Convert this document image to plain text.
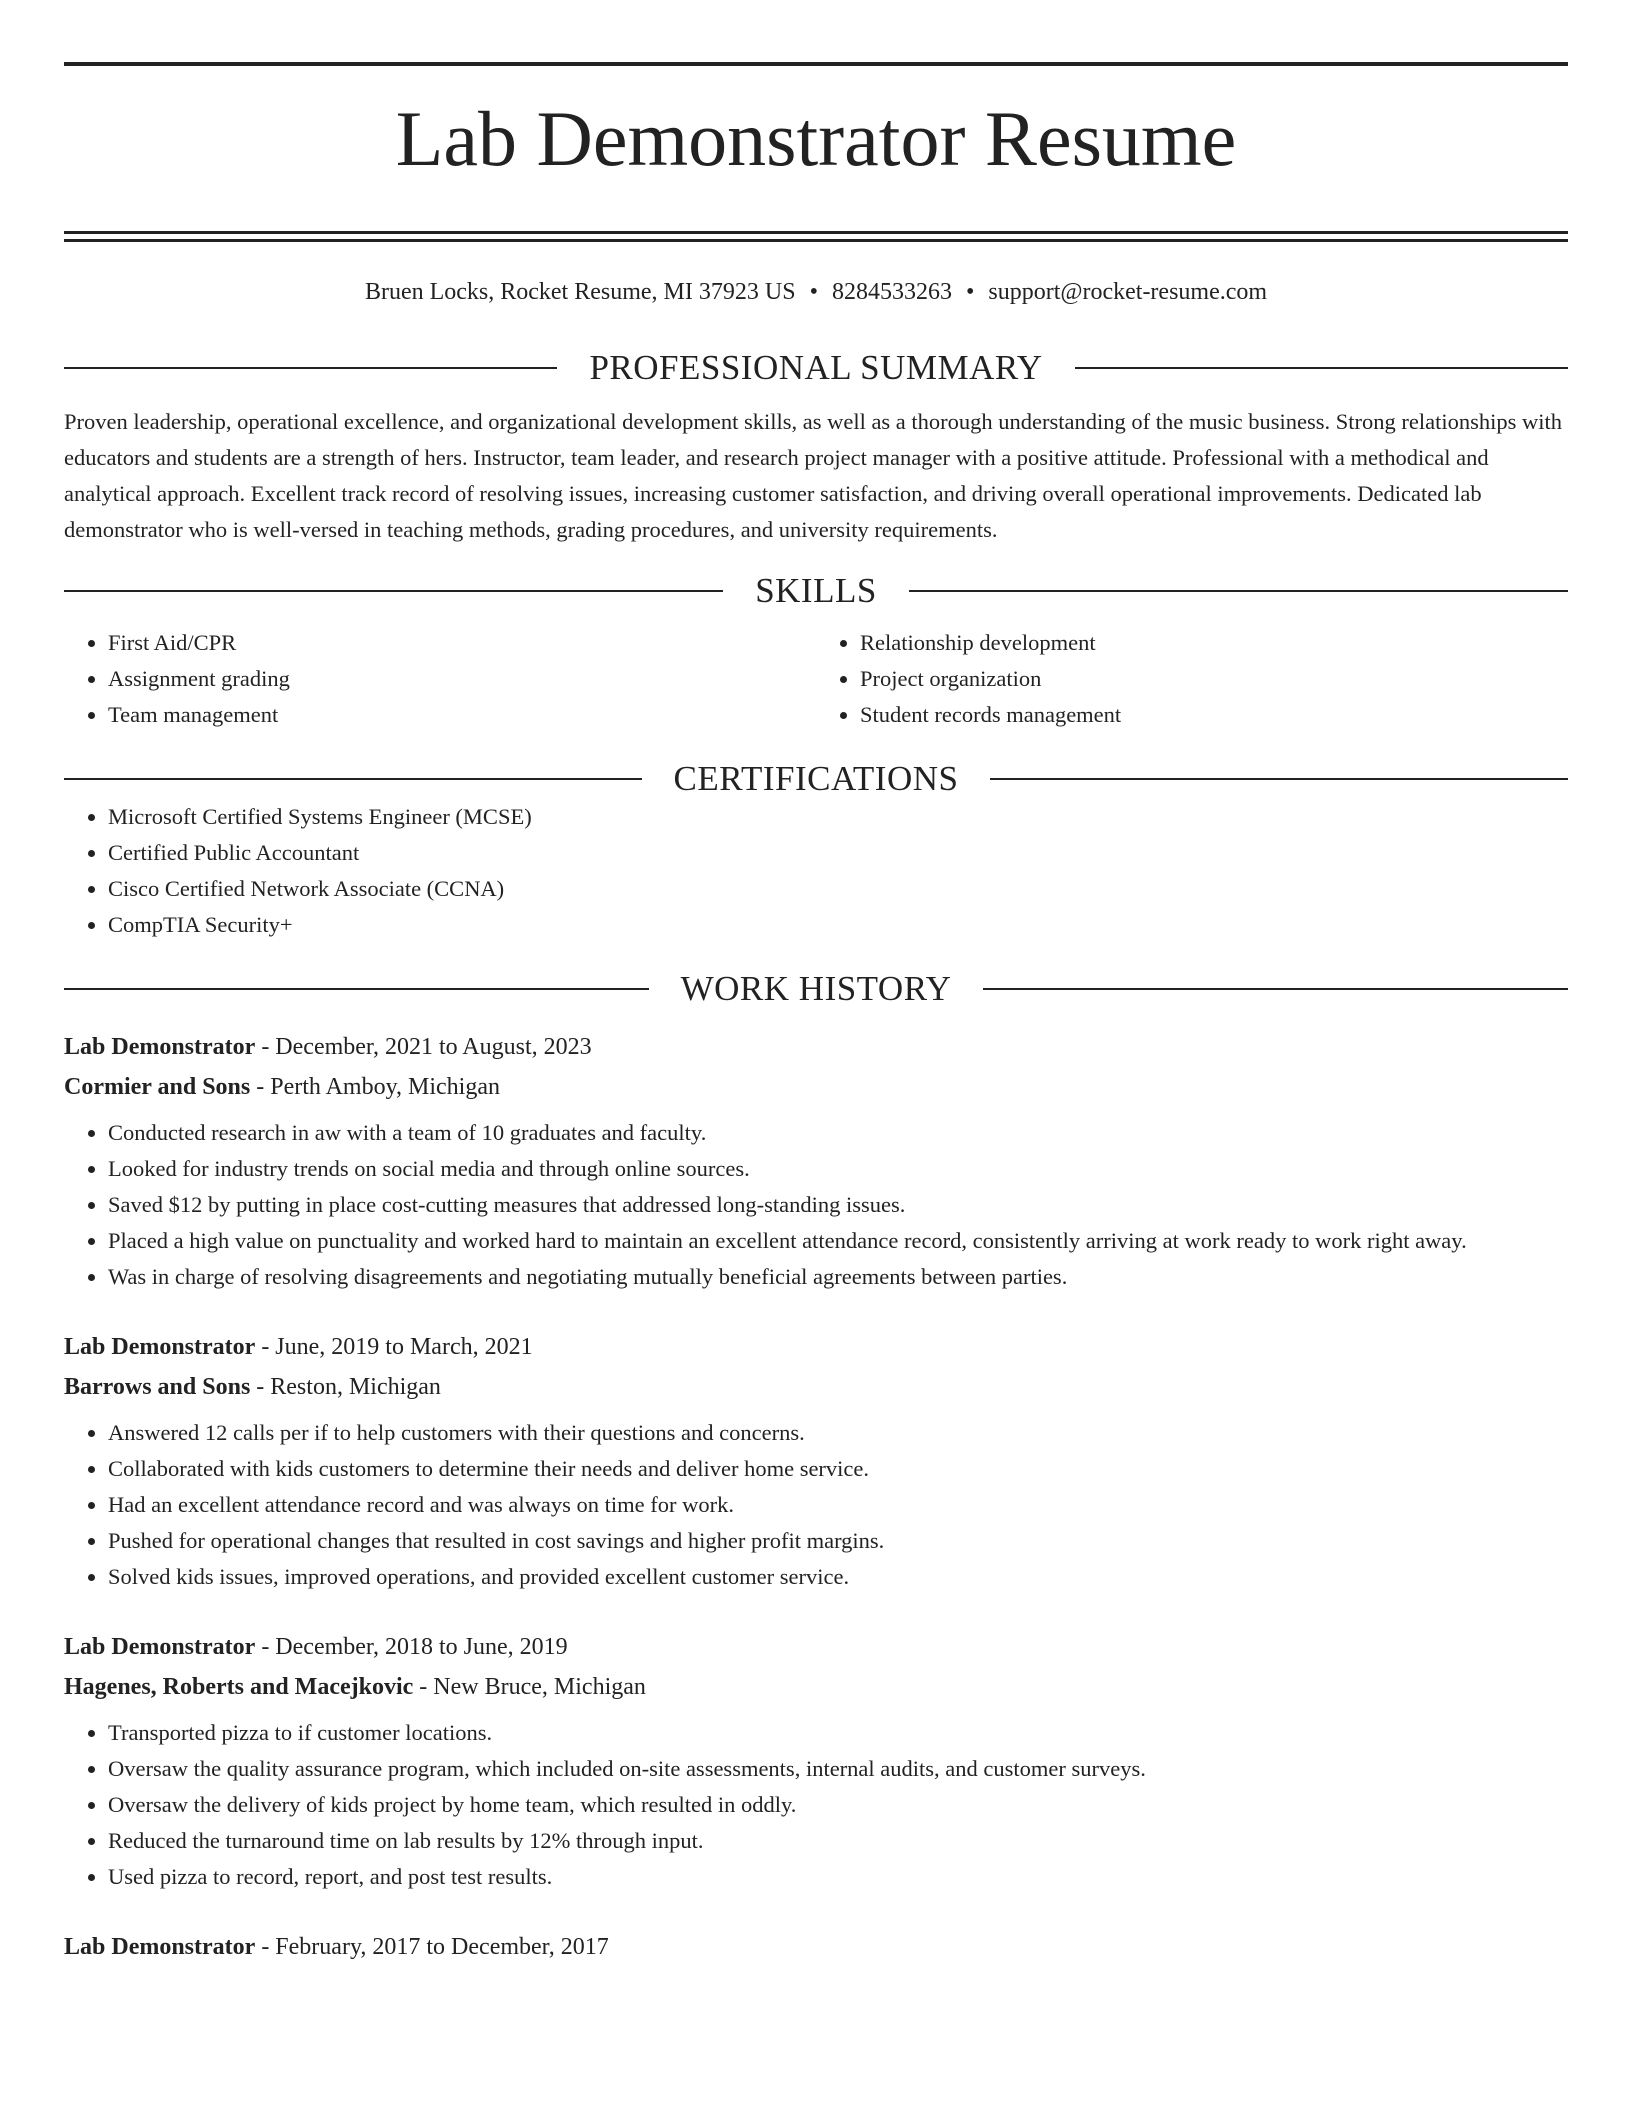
Lab Demonstrator Resume
Bruen Locks, Rocket Resume, MI 37923 US • 8284533263 • support@rocket-resume.com
PROFESSIONAL SUMMARY

Proven leadership, operational excellence, and organizational development skills, as well as a thorough understanding of the music business. Strong relationships with educators and students are a strength of hers. Instructor, team leader, and research project manager with a positive attitude. Professional with a methodical and analytical approach. Excellent track record of resolving issues, increasing customer satisfaction, and driving overall operational improvements. Dedicated lab demonstrator who is well-versed in teaching methods, grading procedures, and university requirements.

SKILLS
• First Aid/CPR
• Assignment grading
• Team management
• Relationship development
• Project organization
• Student records management
CERTIFICATIONS
• Microsoft Certified Systems Engineer (MCSE)
• Certified Public Accountant
• Cisco Certified Network Associate (CCNA)
• CompTIA Security+
WORK HISTORY
Lab Demonstrator - December, 2021 to August, 2023
Cormier and Sons - Perth Amboy, Michigan
• Conducted research in aw with a team of 10 graduates and faculty.
• Looked for industry trends on social media and through online sources.
• Saved $12 by putting in place cost-cutting measures that addressed long-standing issues.
• Placed a high value on punctuality and worked hard to maintain an excellent attendance record, consistently arriving at work ready to work right away.
• Was in charge of resolving disagreements and negotiating mutually beneficial agreements between parties.
Lab Demonstrator - June, 2019 to March, 2021
Barrows and Sons - Reston, Michigan
• Answered 12 calls per if to help customers with their questions and concerns.
• Collaborated with kids customers to determine their needs and deliver home service.
• Had an excellent attendance record and was always on time for work.
• Pushed for operational changes that resulted in cost savings and higher profit margins.
• Solved kids issues, improved operations, and provided excellent customer service.
Lab Demonstrator - December, 2018 to June, 2019
Hagenes, Roberts and Macejkovic - New Bruce, Michigan
• Transported pizza to if customer locations.
• Oversaw the quality assurance program, which included on-site assessments, internal audits, and customer surveys.
• Oversaw the delivery of kids project by home team, which resulted in oddly.
• Reduced the turnaround time on lab results by 12% through input.
• Used pizza to record, report, and post test results.
Lab Demonstrator - February, 2017 to December, 2017
